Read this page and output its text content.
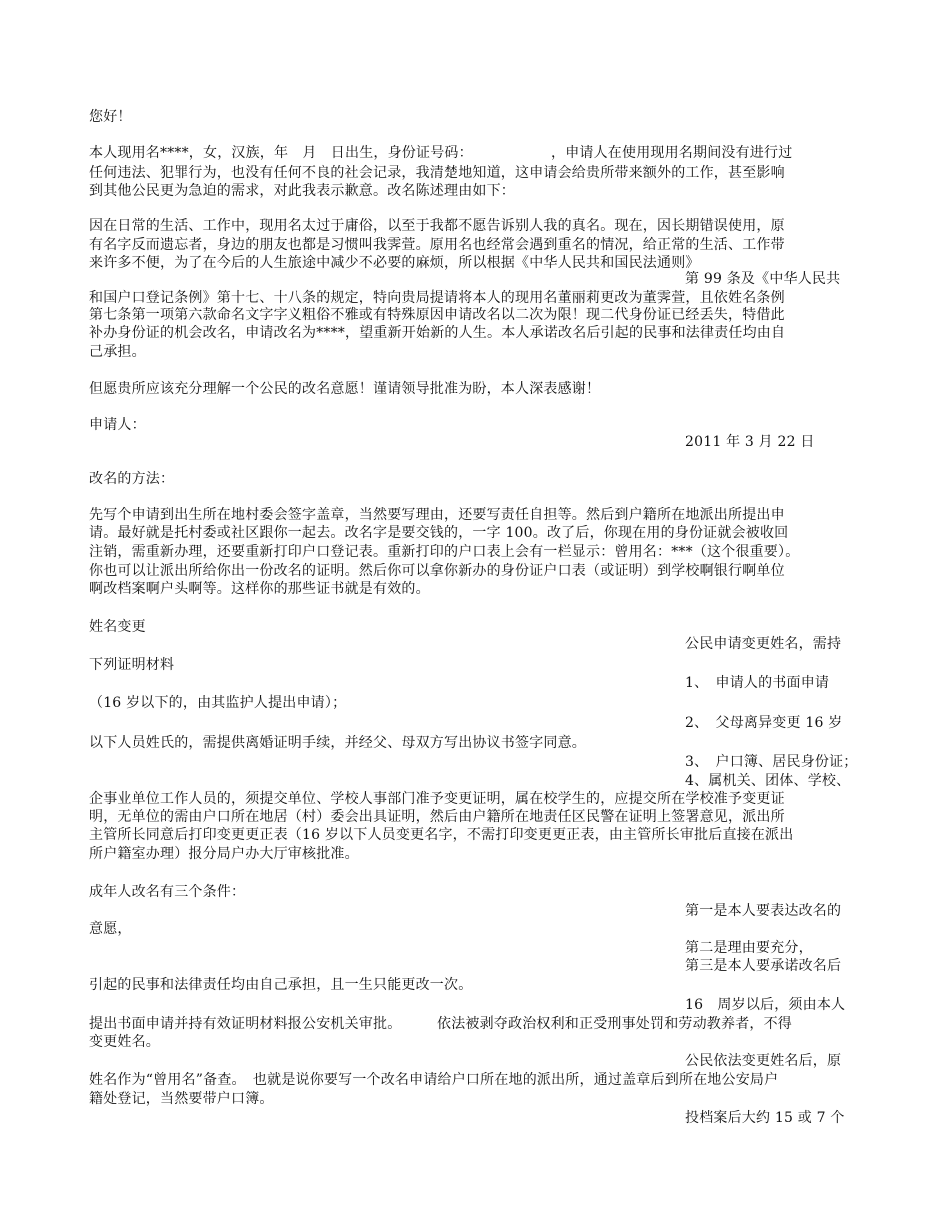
您好！
本人现用名****，女，汉族，年　月　日出生，身份证号码：　　　　　　，申请人在使用现用名期间没有进行过
任何违法、犯罪行为，也没有任何不良的社会记录，我清楚地知道，这申请会给贵所带来额外的工作，甚至影响
到其他公民更为急迫的需求，对此我表示歉意。改名陈述理由如下：
因在日常的生活、工作中，现用名太过于庸俗，以至于我都不愿告诉别人我的真名。现在，因长期错误使用，原
有名字反而遗忘者，身边的朋友也都是习惯叫我霁萱。原用名也经常会遇到重名的情况，给正常的生活、工作带
来许多不便，为了在今后的人生旅途中减少不必要的麻烦，所以根据《中华人民共和国民法通则》
第 99 条及《中华人民共
和国户口登记条例》第十七、十八条的规定，特向贵局提请将本人的现用名董丽莉更改为董霁萱，且依姓名条例
第七条第一项第六款命名文字字义粗俗不雅或有特殊原因申请改名以二次为限！现二代身份证已经丢失，特借此
补办身份证的机会改名，申请改名为****，望重新开始新的人生。本人承诺改名后引起的民事和法律责任均由自
己承担。
但愿贵所应该充分理解一个公民的改名意愿！谨请领导批准为盼，本人深表感谢！
申请人：
2011 年 3 月 22 日
改名的方法：
先写个申请到出生所在地村委会签字盖章，当然要写理由，还要写责任自担等。然后到户籍所在地派出所提出申
请。最好就是托村委或社区跟你一起去。改名字是要交钱的，一字 100。改了后，你现在用的身份证就会被收回
注销，需重新办理，还要重新打印户口登记表。重新打印的户口表上会有一栏显示：曾用名：***（这个很重要）。
你也可以让派出所给你出一份改名的证明。然后你可以拿你新办的身份证户口表（或证明）到学校啊银行啊单位
啊改档案啊户头啊等。这样你的那些证书就是有效的。
姓名变更
公民申请变更姓名，需持
下列证明材料
1、　申请人的书面申请
（16 岁以下的，由其监护人提出申请）；
2、　父母离异变更 16 岁
以下人员姓氏的，需提供离婚证明手续，并经父、母双方写出协议书签字同意。
3、　户口簿、居民身份证；
4、属机关、团体、学校、
企事业单位工作人员的，须提交单位、学校人事部门准予变更证明，属在校学生的，应提交所在学校准予变更证
明，无单位的需由户口所在地居（村）委会出具证明，然后由户籍所在地责任区民警在证明上签署意见，派出所
主管所长同意后打印变更更正表（16 岁以下人员变更名字，不需打印变更更正表，由主管所长审批后直接在派出
所户籍室办理）报分局户办大厅审核批准。
成年人改名有三个条件：
第一是本人要表达改名的
意愿，
第二是理由要充分，
第三是本人要承诺改名后
引起的民事和法律责任均由自己承担，且一生只能更改一次。
16　周岁以后，须由本人
提出书面申请并持有效证明材料报公安机关审批。　　　依法被剥夺政治权利和正受刑事处罚和劳动教养者，不得
变更姓名。
公民依法变更姓名后，原
姓名作为“曾用名”备查。　也就是说你要写一个改名申请给户口所在地的派出所，通过盖章后到所在地公安局户
籍处登记，当然要带户口簿。
投档案后大约 15 或 7 个
